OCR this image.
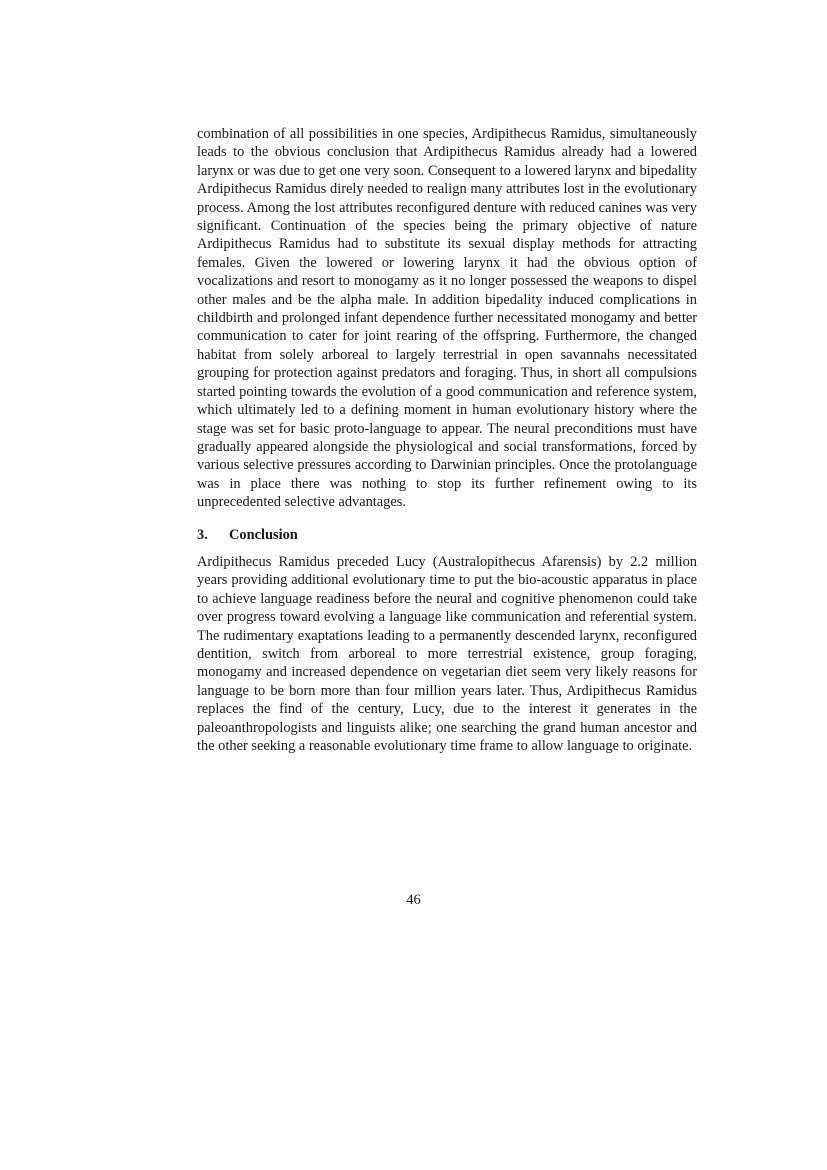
combination of all possibilities in one species, Ardipithecus Ramidus, simultaneously leads to the obvious conclusion that Ardipithecus Ramidus already had a lowered larynx or was due to get one very soon. Consequent to a lowered larynx and bipedality Ardipithecus Ramidus direly needed to realign many attributes lost in the evolutionary process. Among the lost attributes reconfigured denture with reduced canines was very significant. Continuation of the species being the primary objective of nature Ardipithecus Ramidus had to substitute its sexual display methods for attracting females. Given the lowered or lowering larynx it had the obvious option of vocalizations and resort to monogamy as it no longer possessed the weapons to dispel other males and be the alpha male. In addition bipedality induced complications in childbirth and prolonged infant dependence further necessitated monogamy and better communication to cater for joint rearing of the offspring. Furthermore, the changed habitat from solely arboreal to largely terrestrial in open savannahs necessitated grouping for protection against predators and foraging. Thus, in short all compulsions started pointing towards the evolution of a good communication and reference system, which ultimately led to a defining moment in human evolutionary history where the stage was set for basic proto-language to appear. The neural preconditions must have gradually appeared alongside the physiological and social transformations, forced by various selective pressures according to Darwinian principles. Once the protolanguage was in place there was nothing to stop its further refinement owing to its unprecedented selective advantages.

3. Conclusion

Ardipithecus Ramidus preceded Lucy (Australopithecus Afarensis) by 2.2 million years providing additional evolutionary time to put the bio-acoustic apparatus in place to achieve language readiness before the neural and cognitive phenomenon could take over progress toward evolving a language like communication and referential system. The rudimentary exaptations leading to a permanently descended larynx, reconfigured dentition, switch from arboreal to more terrestrial existence, group foraging, monogamy and increased dependence on vegetarian diet seem very likely reasons for language to be born more than four million years later. Thus, Ardipithecus Ramidus replaces the find of the century, Lucy, due to the interest it generates in the paleoanthropologists and linguists alike; one searching the grand human ancestor and the other seeking a reasonable evolutionary time frame to allow language to originate.

46
